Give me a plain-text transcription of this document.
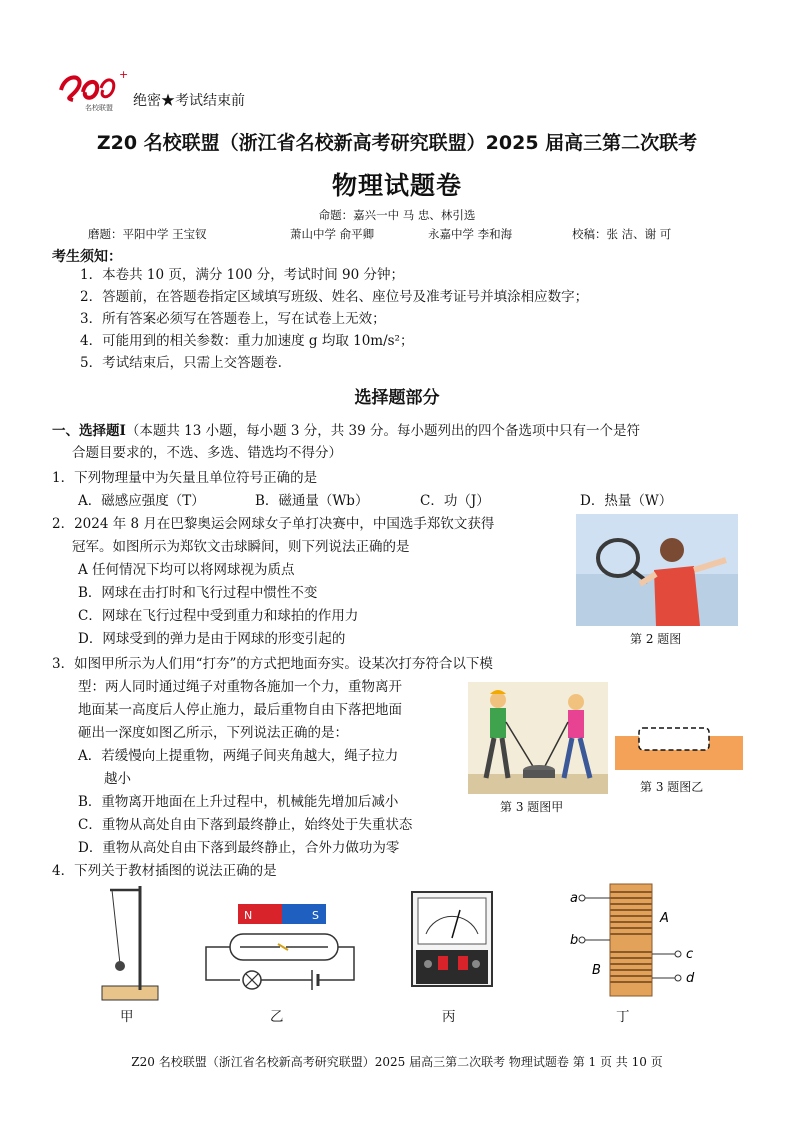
+
名校联盟 绝密★考试结束前
Z20 名校联盟（浙江省名校新高考研究联盟）2025 届高三第二次联考
物理试题卷
命题：嘉兴一中 马 忠、林引选
磨题：平阳中学 王宝钗	萧山中学 俞平卿	永嘉中学 李和海	校稿：张 洁、谢 可
考生须知：
1．本卷共 10 页，满分 100 分，考试时间 90 分钟；
2．答题前，在答题卷指定区域填写班级、姓名、座位号及准考证号并填涂相应数字；
3．所有答案必须写在答题卷上，写在试卷上无效；
4．可能用到的相关参数：重力加速度 g 均取 10m/s²；
5．考试结束后，只需上交答题卷.
选择题部分
一、选择题Ⅰ（本题共 13 小题，每小题 3 分，共 39 分。每小题列出的四个备选项中只有一个是符
合题目要求的，不选、多选、错选均不得分）
1．下列物理量中为矢量且单位符号正确的是
A．磁感应强度（T）	B．磁通量（Wb）	C．功（J）	D．热量（W）
2．2024 年 8 月在巴黎奥运会网球女子单打决赛中，中国选手郑钦文获得
冠军。如图所示为郑钦文击球瞬间，则下列说法正确的是
A 任何情况下均可以将网球视为质点
B．网球在击打时和飞行过程中惯性不变
C．网球在飞行过程中受到重力和球拍的作用力
D．网球受到的弹力是由于网球的形变引起的	第 2 题图
3．如图甲所示为人们用“打夯”的方式把地面夯实。设某次打夯符合以下模
型：两人同时通过绳子对重物各施加一个力，重物离开
地面某一高度后人停止施力，最后重物自由下落把地面
砸出一深度如图乙所示，下列说法正确的是：
A．若缓慢向上提重物，两绳子间夹角越大，绳子拉力
越小
B．重物离开地面在上升过程中，机械能先增加后减小
C．重物从高处自由下落到最终静止，始终处于失重状态
D．重物从高处自由下落到最终静止，合外力做功为零
第 3 题图甲
第 3 题图乙
4．下列关于教材插图的说法正确的是
甲
N	S
乙	丙
a
b
A
B
c
d
丁
Z20 名校联盟（浙江省名校新高考研究联盟）2025 届高三第二次联考 物理试题卷 第 1 页 共 10 页
